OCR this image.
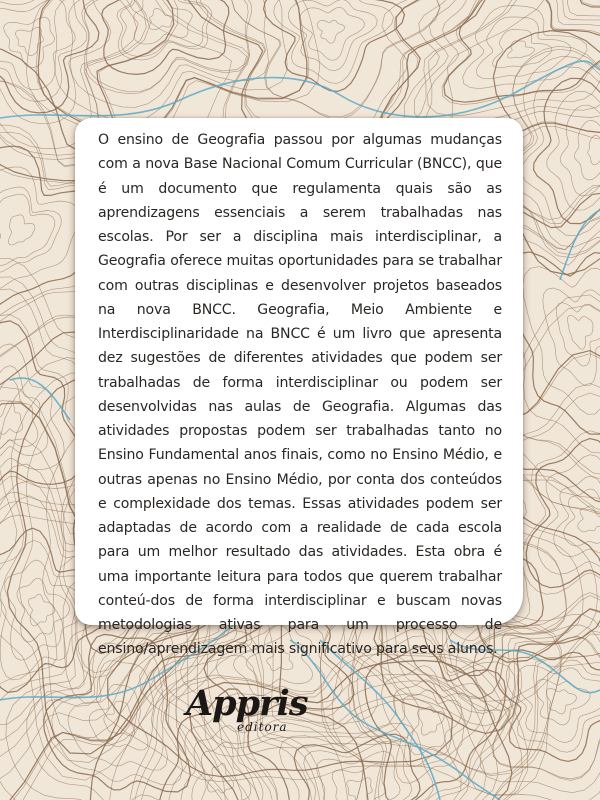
O ensino de Geografia passou por algumas mudanças com a nova Base Nacional Comum Curricular (BNCC), que é um documento que regulamenta quais são as aprendizagens essenciais a serem trabalhadas nas escolas. Por ser a disciplina mais interdisciplinar, a Geografia oferece muitas oportunidades para se trabalhar com outras disciplinas e desenvolver projetos baseados na nova BNCC. Geografia, Meio Ambiente e Interdisciplinaridade na BNCC é um livro que apresenta dez sugestões de diferentes atividades que podem ser trabalhadas de forma interdisciplinar ou podem ser desenvolvidas nas aulas de Geografia. Algumas das atividades propostas podem ser trabalhadas tanto no Ensino Fundamental anos finais, como no Ensino Médio, e outras apenas no Ensino Médio, por conta dos conteúdos e complexidade dos temas. Essas atividades podem ser adaptadas de acordo com a realidade de cada escola para um melhor resultado das atividades. Esta obra é uma importante leitura para todos que querem trabalhar conteú-dos de forma interdisciplinar e buscam novas metodologias ativas para um processo de ensino/aprendizagem mais significativo para seus alunos.

Appris
editora
